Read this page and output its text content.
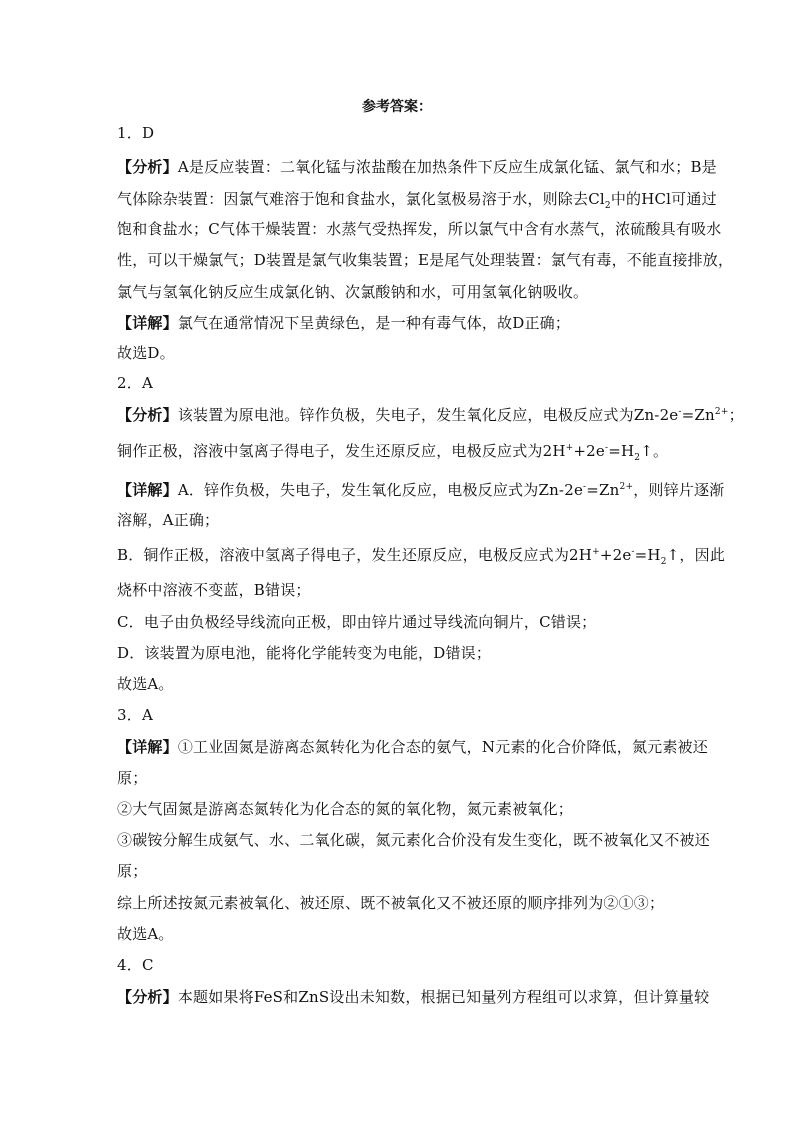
参考答案：
1．D
【分析】A是反应装置：二氧化锰与浓盐酸在加热条件下反应生成氯化锰、氯气和水；B是
气体除杂装置：因氯气难溶于饱和食盐水，氯化氢极易溶于水，则除去$Cl_2$中的HCl可通过
饱和食盐水；C气体干燥装置：水蒸气受热挥发，所以氯气中含有水蒸气，浓硫酸具有吸水
性，可以干燥氯气；D装置是氯气收集装置；E是尾气处理装置：氯气有毒，不能直接排放，
氯气与氢氧化钠反应生成氯化钠、次氯酸钠和水，可用氢氧化钠吸收。
【详解】氯气在通常情况下呈黄绿色，是一种有毒气体，故D正确；
故选D。
2．A
【分析】该装置为原电池。锌作负极，失电子，发生氧化反应，电极反应式为$Zn-2e^-=Zn^{2+}$；
铜作正极，溶液中氢离子得电子，发生还原反应，电极反应式为$2H^++2e^-=H_2↑$。
【详解】A．锌作负极，失电子，发生氧化反应，电极反应式为$Zn-2e^-=Zn^{2+}$，则锌片逐渐
溶解，A正确；
B．铜作正极，溶液中氢离子得电子，发生还原反应，电极反应式为$2H^++2e^-=H_2↑$，因此
烧杯中溶液不变蓝，B错误；
C．电子由负极经导线流向正极，即由锌片通过导线流向铜片，C错误；
D．该装置为原电池，能将化学能转变为电能，D错误；
故选A。
3．A
【详解】①工业固氮是游离态氮转化为化合态的氨气，N元素的化合价降低，氮元素被还
原；
②大气固氮是游离态氮转化为化合态的氮的氧化物，氮元素被氧化；
③碳铵分解生成氨气、水、二氧化碳，氮元素化合价没有发生变化，既不被氧化又不被还
原；
综上所述按氮元素被氧化、被还原、既不被氧化又不被还原的顺序排列为②①③；
故选A。
4．C
【分析】本题如果将FeS和ZnS设出未知数，根据已知量列方程组可以求算，但计算量较
